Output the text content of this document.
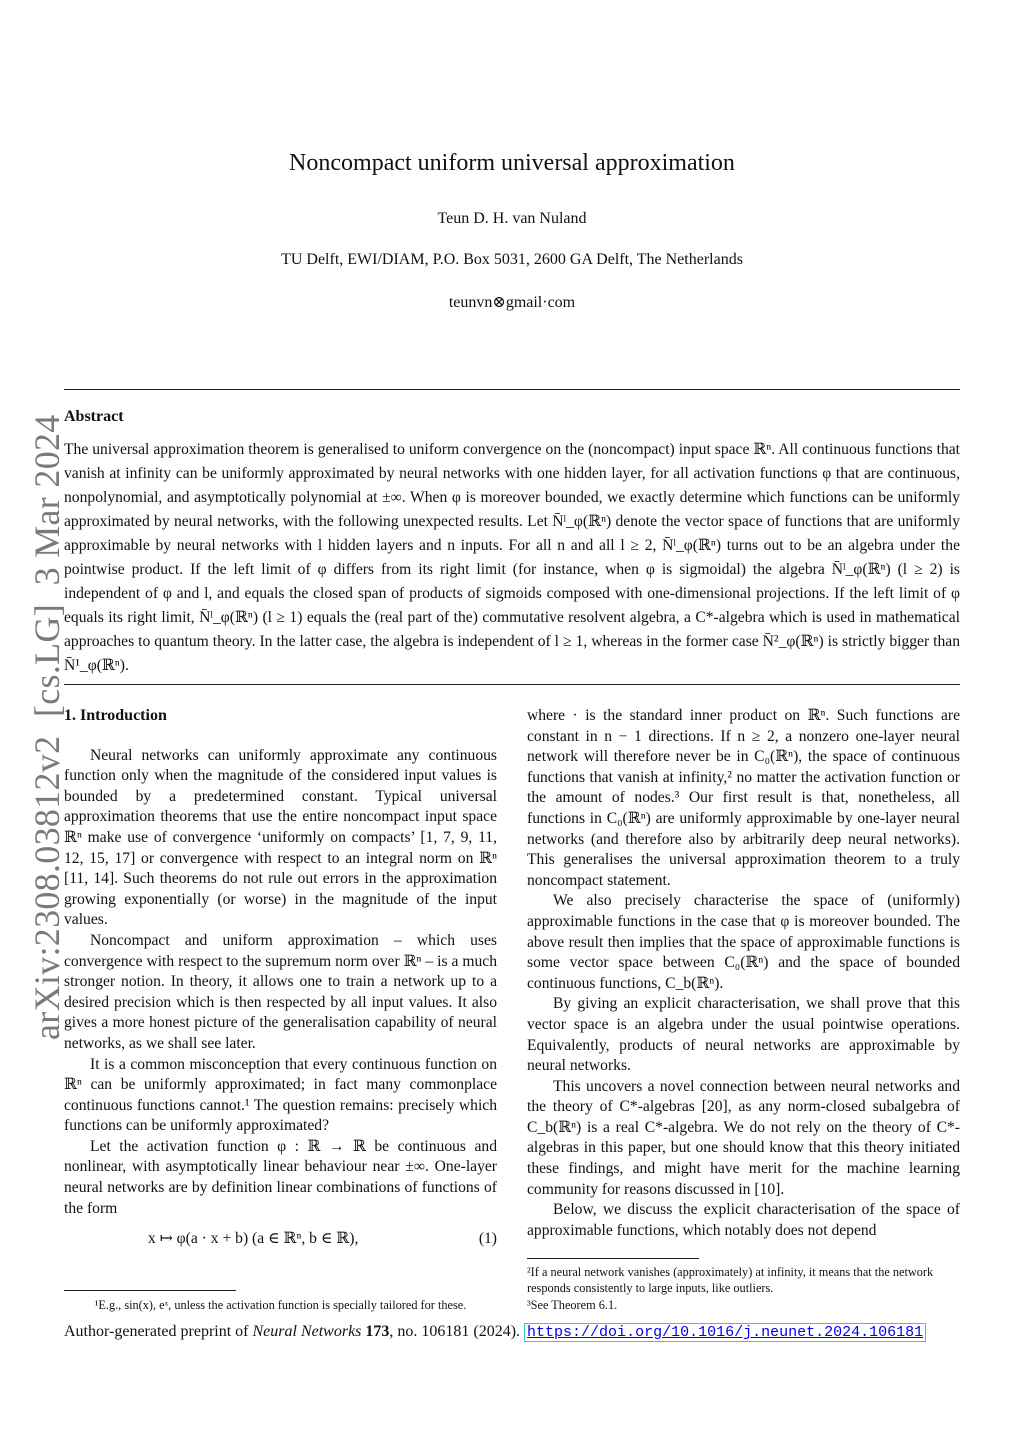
arXiv:2308.03812v2  [cs.LG]  3 Mar 2024
Noncompact uniform universal approximation
Teun D. H. van Nuland
TU Delft, EWI/DIAM, P.O. Box 5031, 2600 GA Delft, The Netherlands
teunvn⊗gmail·com
Abstract
The universal approximation theorem is generalised to uniform convergence on the (noncompact) input space ℝⁿ. All continuous functions that vanish at infinity can be uniformly approximated by neural networks with one hidden layer, for all activation functions φ that are continuous, nonpolynomial, and asymptotically polynomial at ±∞. When φ is moreover bounded, we exactly determine which functions can be uniformly approximated by neural networks, with the following unexpected results. Let N̄ˡ_φ(ℝⁿ) denote the vector space of functions that are uniformly approximable by neural networks with l hidden layers and n inputs. For all n and all l ≥ 2, N̄ˡ_φ(ℝⁿ) turns out to be an algebra under the pointwise product. If the left limit of φ differs from its right limit (for instance, when φ is sigmoidal) the algebra N̄ˡ_φ(ℝⁿ) (l ≥ 2) is independent of φ and l, and equals the closed span of products of sigmoids composed with one-dimensional projections. If the left limit of φ equals its right limit, N̄ˡ_φ(ℝⁿ) (l ≥ 1) equals the (real part of the) commutative resolvent algebra, a C*-algebra which is used in mathematical approaches to quantum theory. In the latter case, the algebra is independent of l ≥ 1, whereas in the former case N̄²_φ(ℝⁿ) is strictly bigger than N̄¹_φ(ℝⁿ).
1. Introduction

Neural networks can uniformly approximate any continuous function only when the magnitude of the considered input values is bounded by a predetermined constant. Typical universal approximation theorems that use the entire noncompact input space ℝⁿ make use of convergence ‘uniformly on compacts’ [1, 7, 9, 11, 12, 15, 17] or convergence with respect to an integral norm on ℝⁿ [11, 14]. Such theorems do not rule out errors in the approximation growing exponentially (or worse) in the magnitude of the input values.

Noncompact and uniform approximation – which uses convergence with respect to the supremum norm over ℝⁿ – is a much stronger notion. In theory, it allows one to train a network up to a desired precision which is then respected by all input values. It also gives a more honest picture of the generalisation capability of neural networks, as we shall see later.

It is a common misconception that every continuous function on ℝⁿ can be uniformly approximated; in fact many commonplace continuous functions cannot.¹ The question remains: precisely which functions can be uniformly approximated?

Let the activation function φ : ℝ → ℝ be continuous and nonlinear, with asymptotically linear behaviour near ±∞. One-layer neural networks are by definition linear combinations of functions of the form

x ↦ φ(a · x + b) (a ∈ ℝⁿ, b ∈ ℝ),	(1)
¹E.g., sin(x), eˣ, unless the activation function is specially tailored for these.

where · is the standard inner product on ℝⁿ. Such functions are constant in n − 1 directions. If n ≥ 2, a nonzero one-layer neural network will therefore never be in C₀(ℝⁿ), the space of continuous functions that vanish at infinity,² no matter the activation function or the amount of nodes.³ Our first result is that, nonetheless, all functions in C₀(ℝⁿ) are uniformly approximable by one-layer neural networks (and therefore also by arbitrarily deep neural networks). This generalises the universal approximation theorem to a truly noncompact statement.

We also precisely characterise the space of (uniformly) approximable functions in the case that φ is moreover bounded. The above result then implies that the space of approximable functions is some vector space between C₀(ℝⁿ) and the space of bounded continuous functions, C_b(ℝⁿ).

By giving an explicit characterisation, we shall prove that this vector space is an algebra under the usual pointwise operations. Equivalently, products of neural networks are approximable by neural networks.

This uncovers a novel connection between neural networks and the theory of C*-algebras [20], as any norm-closed subalgebra of C_b(ℝⁿ) is a real C*-algebra. We do not rely on the theory of C*-algebras in this paper, but one should know that this theory initiated these findings, and might have merit for the machine learning community for reasons discussed in [10].

Below, we discuss the explicit characterisation of the space of approximable functions, which notably does not depend

²If a neural network vanishes (approximately) at infinity, it means that the network responds consistently to large inputs, like outliers.
³See Theorem 6.1.
Author-generated preprint of Neural Networks 173, no. 106181 (2024). https://doi.org/10.1016/j.neunet.2024.106181
